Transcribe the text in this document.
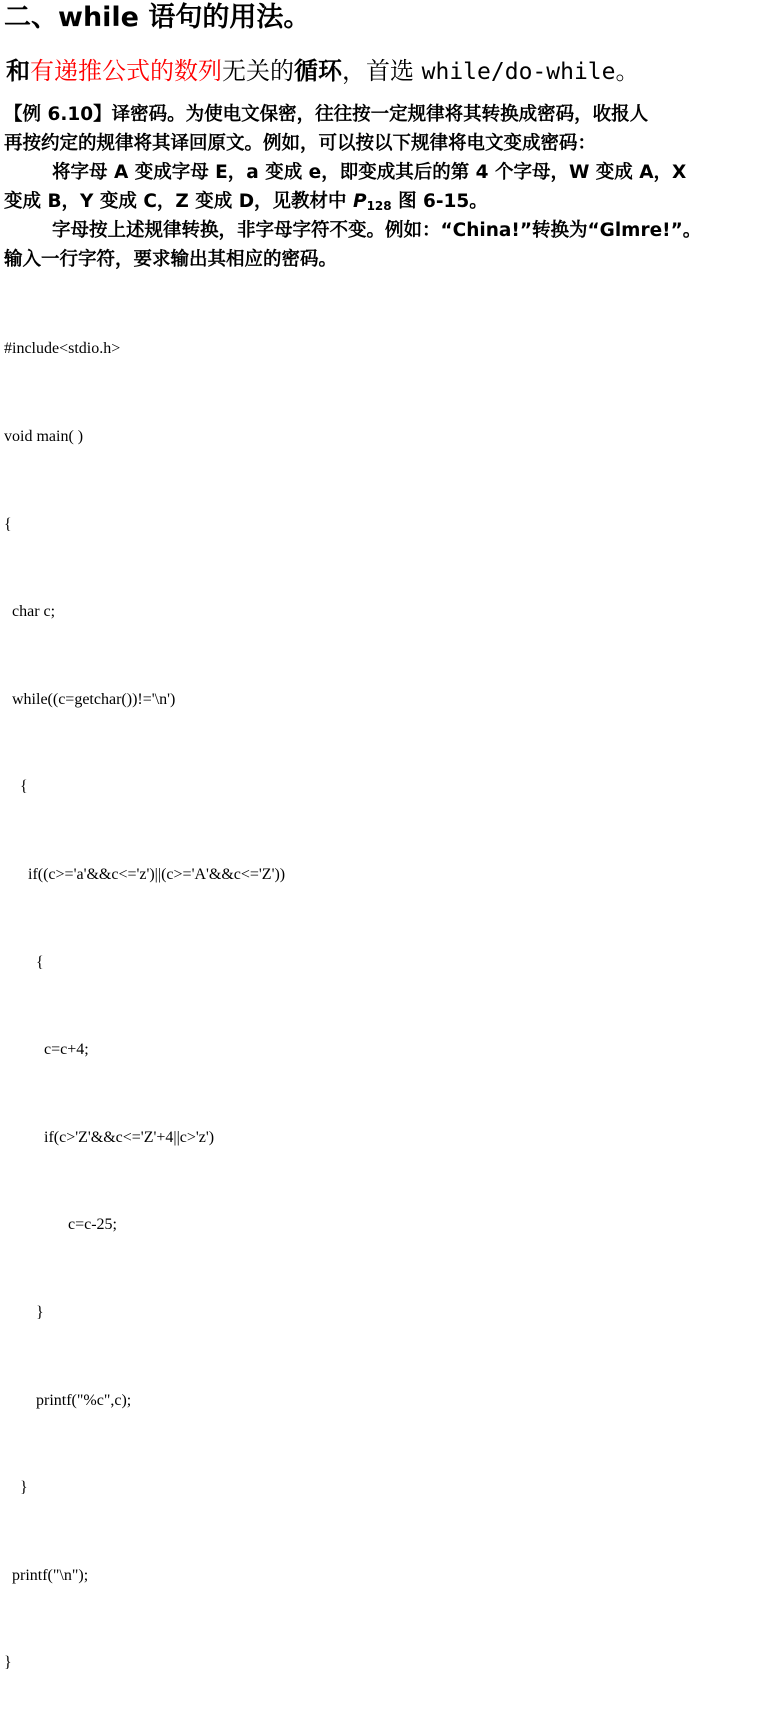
二、while 语句的用法。
和有递推公式的数列无关的循环，首选 while/do-while。
【例 6.10】译密码。为使电文保密，往往按一定规律将其转换成密码，收报人
再按约定的规律将其译回原文。例如，可以按以下规律将电文变成密码：
将字母 A 变成字母 E，a 变成 e，即变成其后的第 4 个字母，W 变成 A，X
变成 B，Y 变成 C，Z 变成 D，见教材中 $P_{128}$ 图 6-15。
字母按上述规律转换，非字母字符不变。例如：“China!”转换为“Glmre!”。
输入一行字符，要求输出其相应的密码。

#include<stdio.h>

void main( )

{

char c;

while((c=getchar())!='\n')

{

if((c>='a'&&c<='z')||(c>='A'&&c<='Z'))

{

c=c+4;

if(c>'Z'&&c<='Z'+4||c>'z')

c=c-25;

}

printf("%c",c);

}

printf("\n");

}
